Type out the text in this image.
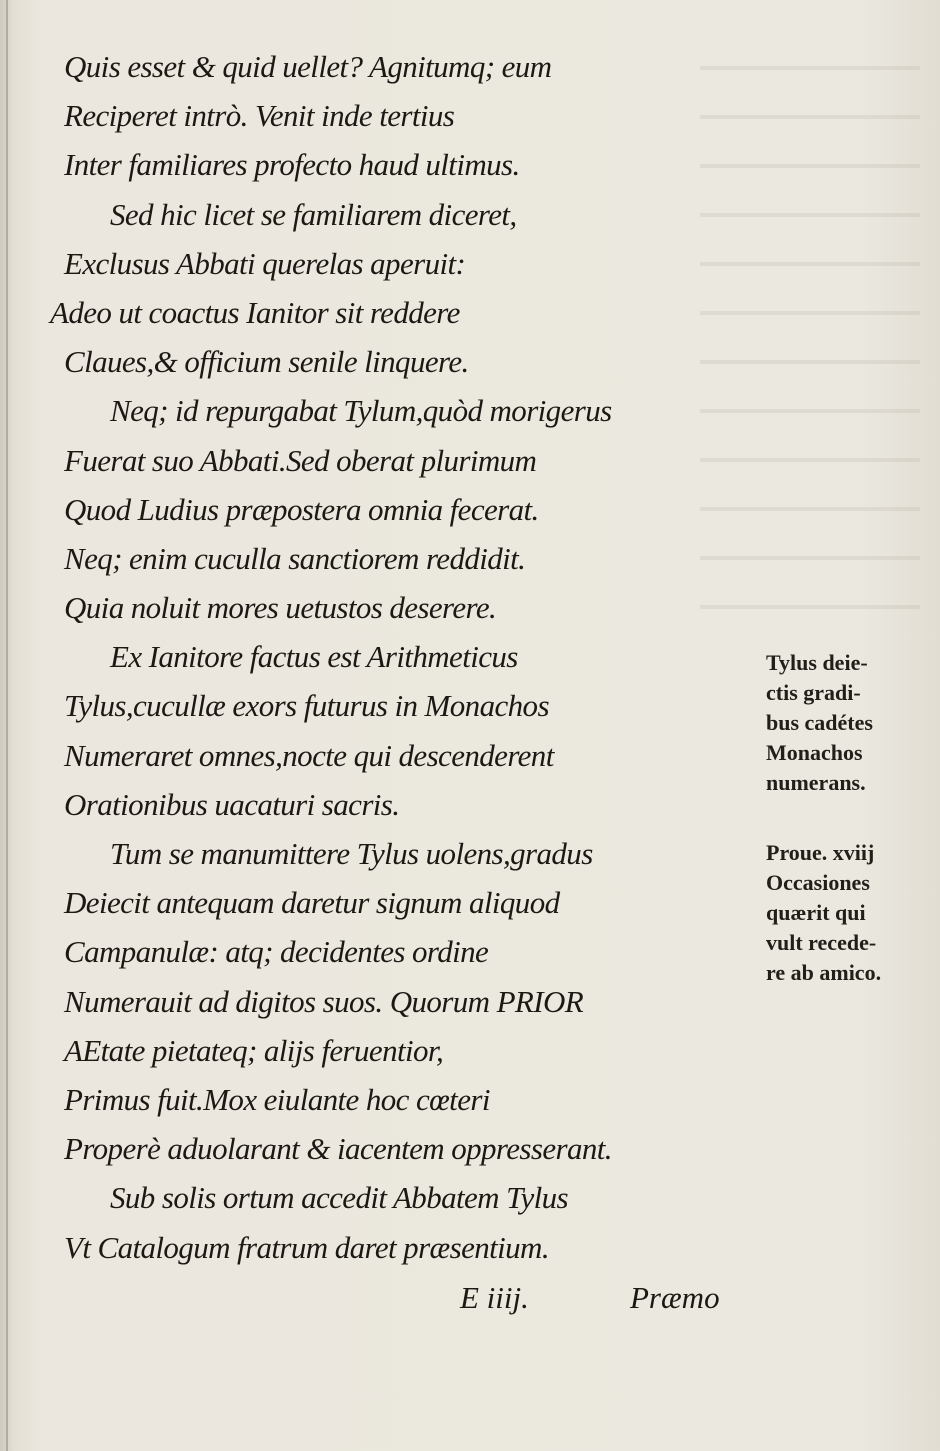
Quis esset & quid uellet? Agnitumq; eum
Reciperet intrò. Venit inde tertius
Inter familiares profecto haud ultimus.
Sed hic licet se familiarem diceret,
Exclusus Abbati querelas aperuit:
Adeo ut coactus Ianitor sit reddere
Claues,& officium senile linquere.
Neq; id repurgabat Tylum,quòd morigerus
Fuerat suo Abbati.Sed oberat plurimum
Quod Ludius præpostera omnia fecerat.
Neq; enim cuculla sanctiorem reddidit.
Quia noluit mores uetustos deserere.
Ex Ianitore factus est Arithmeticus
Tylus,cucullæ exors futurus in Monachos
Numeraret omnes,nocte qui descenderent
Orationibus uacaturi sacris.
Tum se manumittere Tylus uolens,gradus
Deiecit antequam daretur signum aliquod
Campanulæ: atq; decidentes ordine
Numerauit ad digitos suos. Quorum PRIOR
AEtate pietateq; alijs feruentior,
Primus fuit.Mox eiulante hoc cœteri
Properè aduolarant & iacentem oppresserant.
Sub solis ortum accedit Abbatem Tylus
Vt Catalogum fratrum daret præsentium.
E iiij.	Præmo
Tylus deie-
ctis gradi-
bus cadétes
Monachos
numerans.
Proue. xviij
Occasiones
quærit qui
vult recede-
re ab amico.
